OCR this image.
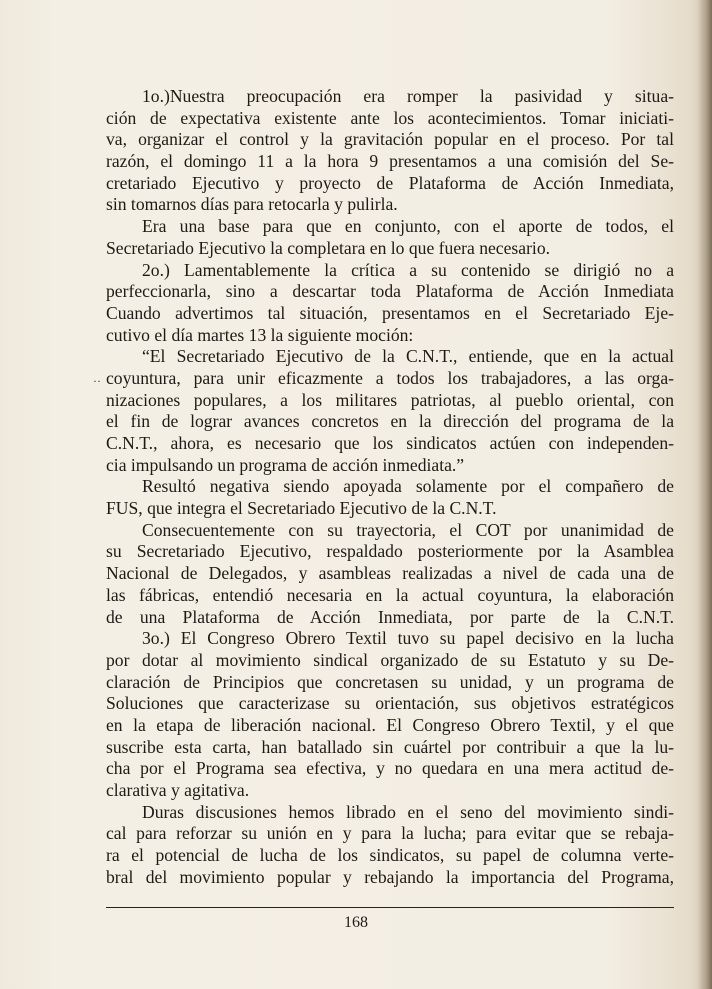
··
1o.)Nuestra preocupación era romper la pasividad y situa-
ción de expectativa existente ante los acontecimientos. Tomar iniciati-
va, organizar el control y la gravitación popular en el proceso. Por tal
razón, el domingo 11 a la hora 9 presentamos a una comisión del Se-
cretariado Ejecutivo y proyecto de Plataforma de Acción Inmediata,
sin tomarnos días para retocarla y pulirla.
Era una base para que en conjunto, con el aporte de todos, el
Secretariado Ejecutivo la completara en lo que fuera necesario.
2o.) Lamentablemente la crítica a su contenido se dirigió no a
perfeccionarla, sino a descartar toda Plataforma de Acción Inmediata
Cuando advertimos tal situación, presentamos en el Secretariado Eje-
cutivo el día martes 13 la siguiente moción:
“El Secretariado Ejecutivo de la C.N.T., entiende, que en la actual
coyuntura, para unir eficazmente a todos los trabajadores, a las orga-
nizaciones populares, a los militares patriotas, al pueblo oriental, con
el fin de lograr avances concretos en la dirección del programa de la
C.N.T., ahora, es necesario que los sindicatos actúen con independen-
cia impulsando un programa de acción inmediata.”
Resultó negativa siendo apoyada solamente por el compañero de
FUS, que integra el Secretariado Ejecutivo de la C.N.T.
Consecuentemente con su trayectoria, el COT por unanimidad de
su Secretariado Ejecutivo, respaldado posteriormente por la Asamblea
Nacional de Delegados, y asambleas realizadas a nivel de cada una de
las fábricas, entendió necesaria en la actual coyuntura, la elaboración
de una Plataforma de Acción Inmediata, por parte de la C.N.T.
3o.) El Congreso Obrero Textil tuvo su papel decisivo en la lucha
por dotar al movimiento sindical organizado de su Estatuto y su De-
claración de Principios que concretasen su unidad, y un programa de
Soluciones que caracterizase su orientación, sus objetivos estratégicos
en la etapa de liberación nacional. El Congreso Obrero Textil, y el que
suscribe esta carta, han batallado sin cuártel por contribuir a que la lu-
cha por el Programa sea efectiva, y no quedara en una mera actitud de-
clarativa y agitativa.
Duras discusiones hemos librado en el seno del movimiento sindi-
cal para reforzar su unión en y para la lucha; para evitar que se rebaja-
ra el potencial de lucha de los sindicatos, su papel de columna verte-
bral del movimiento popular y rebajando la importancia del Programa,
168
